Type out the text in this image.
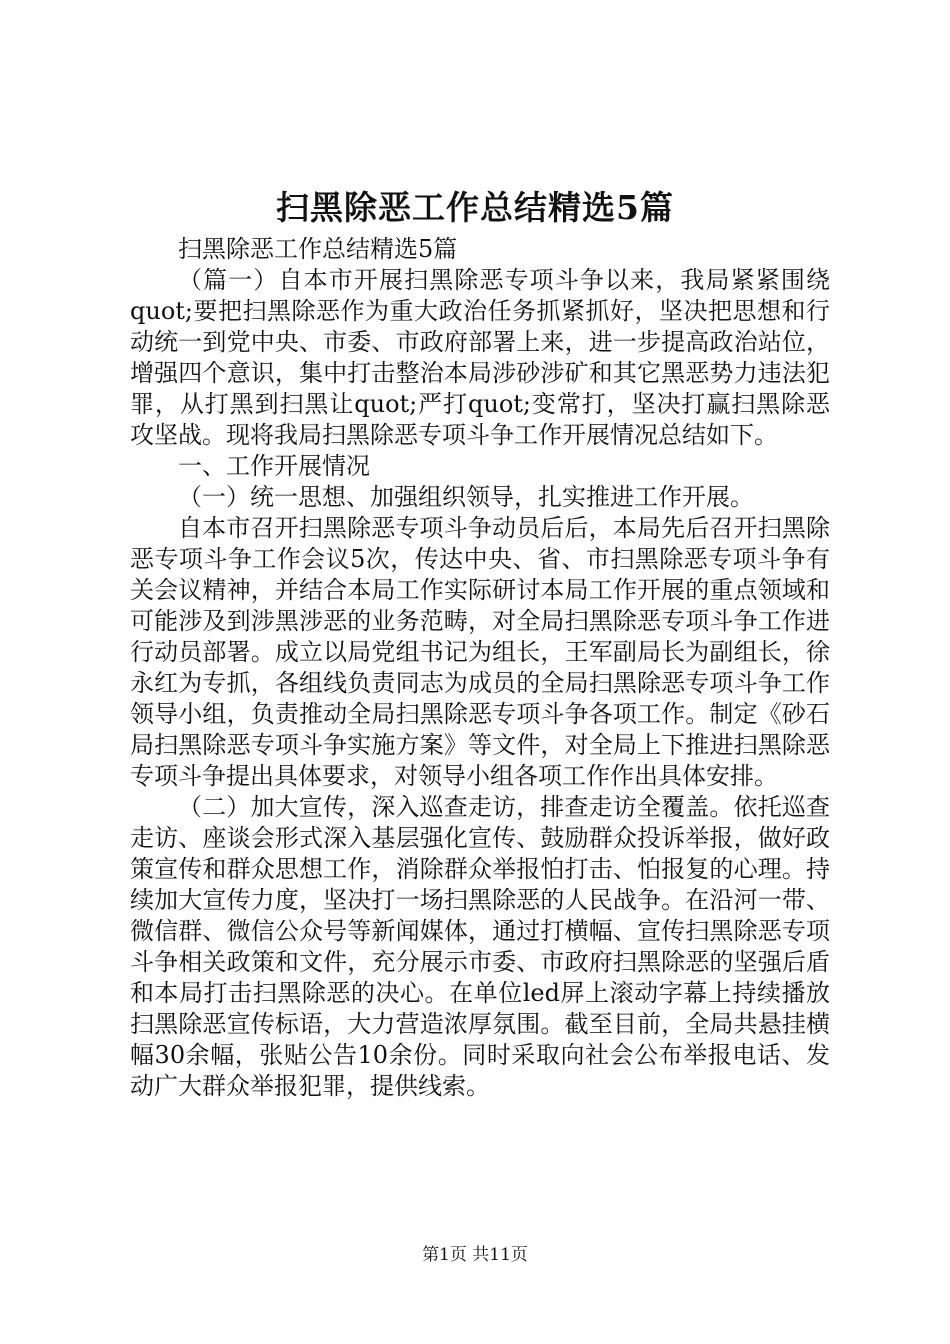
扫黑除恶工作总结精选5篇

扫黑除恶工作总结精选5篇

（篇一）自本市开展扫黑除恶专项斗争以来，我局紧紧围绕quot;要把扫黑除恶作为重大政治任务抓紧抓好，坚决把思想和行动统一到党中央、市委、市政府部署上来，进一步提高政治站位，增强四个意识，集中打击整治本局涉砂涉矿和其它黑恶势力违法犯罪，从打黑到扫黑让quot;严打quot;变常打，坚决打赢扫黑除恶攻坚战。现将我局扫黑除恶专项斗争工作开展情况总结如下。

一、工作开展情况

（一）统一思想、加强组织领导，扎实推进工作开展。

自本市召开扫黑除恶专项斗争动员后后，本局先后召开扫黑除恶专项斗争工作会议5次，传达中央、省、市扫黑除恶专项斗争有关会议精神，并结合本局工作实际研讨本局工作开展的重点领域和可能涉及到涉黑涉恶的业务范畴，对全局扫黑除恶专项斗争工作进行动员部署。成立以局党组书记为组长，王军副局长为副组长，徐永红为专抓，各组线负责同志为成员的全局扫黑除恶专项斗争工作领导小组，负责推动全局扫黑除恶专项斗争各项工作。制定《砂石局扫黑除恶专项斗争实施方案》等文件，对全局上下推进扫黑除恶专项斗争提出具体要求，对领导小组各项工作作出具体安排。

（二）加大宣传，深入巡查走访，排查走访全覆盖。依托巡查走访、座谈会形式深入基层强化宣传、鼓励群众投诉举报，做好政策宣传和群众思想工作，消除群众举报怕打击、怕报复的心理。持续加大宣传力度，坚决打一场扫黑除恶的人民战争。在沿河一带、微信群、微信公众号等新闻媒体，通过打横幅、宣传扫黑除恶专项斗争相关政策和文件，充分展示市委、市政府扫黑除恶的坚强后盾和本局打击扫黑除恶的决心。在单位led屏上滚动字幕上持续播放扫黑除恶宣传标语，大力营造浓厚氛围。截至目前，全局共悬挂横幅30余幅，张贴公告10余份。同时采取向社会公布举报电话、发动广大群众举报犯罪，提供线索。

第1页 共11页
